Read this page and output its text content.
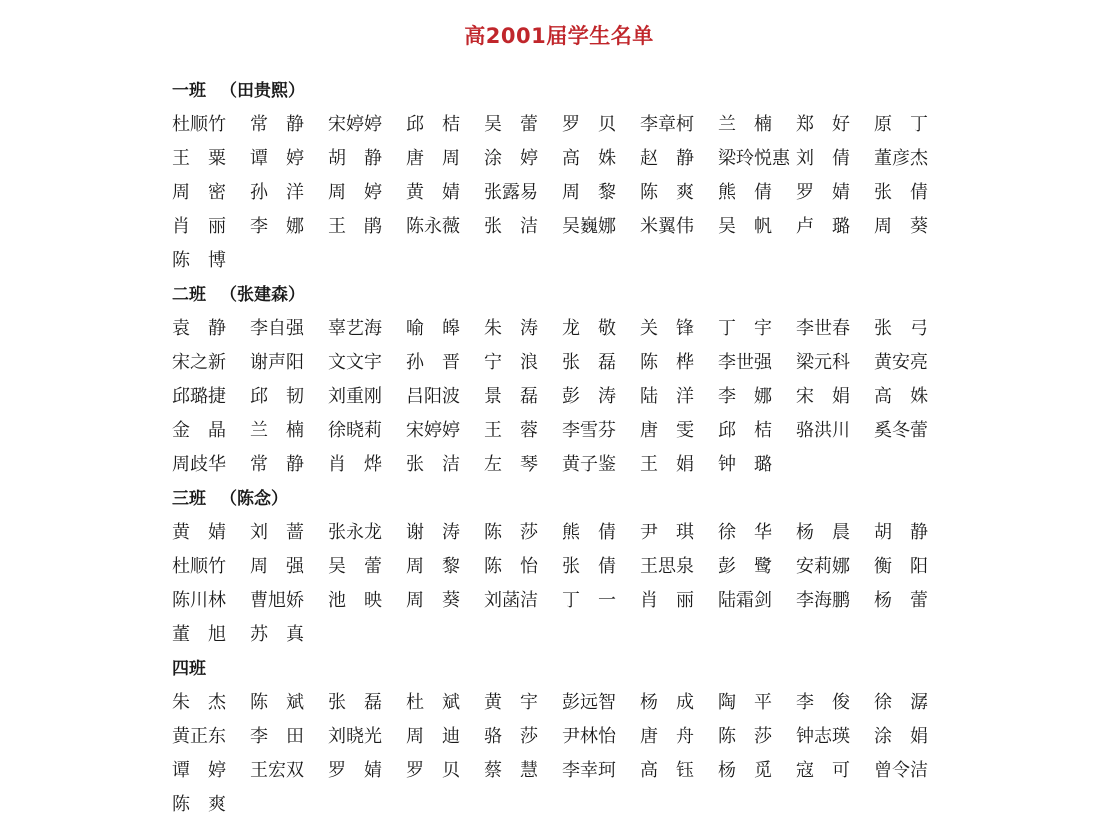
高2001届学生名单
一班 （田贵熙）
杜顺竹	常　静	宋婷婷	邱　桔	吴　蕾	罗　贝	李章柯	兰　楠	郑　好	原　丁
王　粟	谭　婷	胡　静	唐　周	涂　婷	高　姝	赵　静	梁玲悦惠 刘　倩	董彦杰
周　密	孙　洋	周　婷	黄　婧	张露易	周　黎	陈　爽	熊　倩	罗　婧	张　倩
肖　丽	李　娜	王　鹃	陈永薇	张　洁	吴巍娜	米翼伟	吴　帆	卢　璐	周　葵
陈　博
二班 （张建森）
袁　静	李自强	辜艺海	喻　皞	朱　涛	龙　敬	关　锋	丁　宇	李世春	张　弓
宋之新	谢声阳	文文宇	孙　晋	宁　浪	张　磊	陈　桦	李世强	梁元科	黄安亮
邱璐捷	邱　韧	刘重刚	吕阳波	景　磊	彭　涛	陆　洋	李　娜	宋　娟	高　姝
金　晶	兰　楠	徐晓莉	宋婷婷	王　蓉	李雪芬	唐　雯	邱　桔	骆洪川	奚冬蕾
周歧华	常　静	肖　烨	张　洁	左　琴	黄子鉴	王　娟	钟　璐
三班 （陈念）
黄　婧	刘　蔷	张永龙	谢　涛	陈　莎	熊　倩	尹　琪	徐　华	杨　晨	胡　静
杜顺竹	周　强	吴　蕾	周　黎	陈　怡	张　倩	王思泉	彭　鹭	安莉娜	衡　阳
陈川林	曹旭娇	池　映	周　葵	刘菡洁	丁　一	肖　丽	陆霜剑	李海鹏	杨　蕾
董　旭	苏　真
四班
朱　杰	陈　斌	张　磊	杜　斌	黄　宇	彭远智	杨　成	陶　平	李　俊	徐　潺
黄正东	李　田	刘晓光	周　迪	骆　莎	尹林怡	唐　舟	陈　莎	钟志瑛	涂　娟
谭　婷	王宏双	罗　婧	罗　贝	蔡　慧	李幸珂	高　钰	杨　觅	寇　可	曾令洁
陈　爽
